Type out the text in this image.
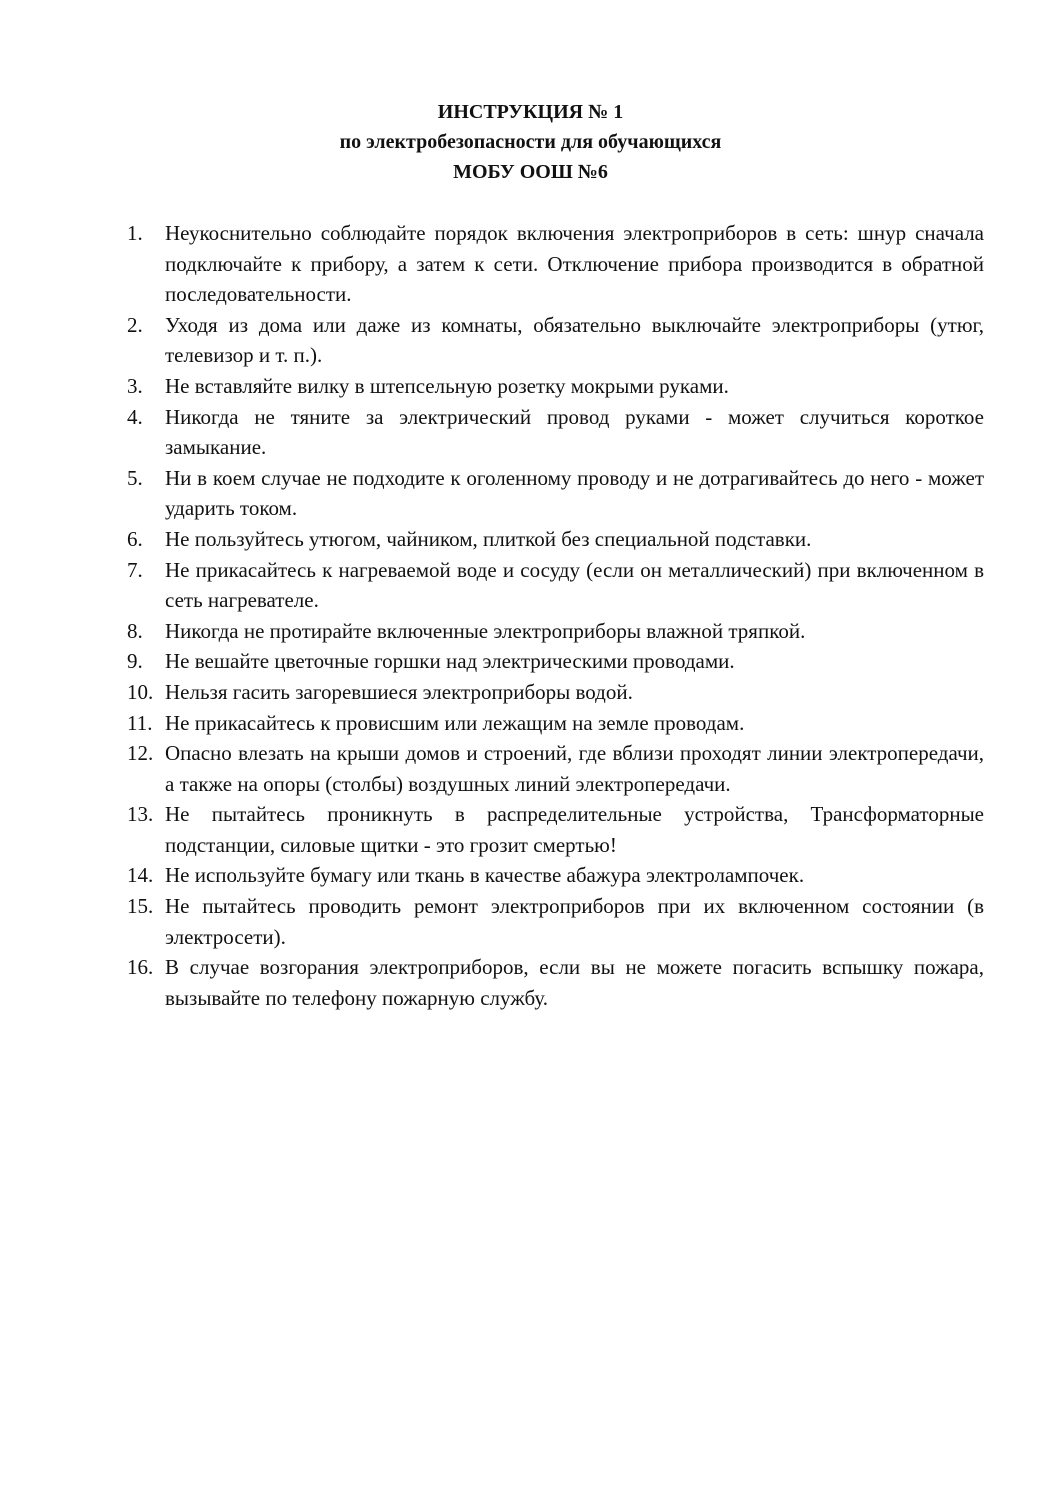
ИНСТРУКЦИЯ № 1
по электробезопасности для обучающихся
МОБУ ООШ №6
1.	Неукоснительно соблюдайте порядок включения электроприборов в сеть: шнур сначала подключайте к прибору, а затем к сети. Отключение прибора производится в обратной последовательности.
2.	Уходя из дома или даже из комнаты, обязательно выключайте электроприборы (утюг, телевизор и т. п.).
3.	Не вставляйте вилку в штепсельную розетку мокрыми руками.
4.	Никогда не тяните за электрический провод руками - может случиться короткое замыкание.
5.	Ни в коем случае не подходите к оголенному проводу и не дотрагивайтесь до него - может ударить током.
6.	Не пользуйтесь утюгом, чайником, плиткой без специальной подставки.
7.	Не прикасайтесь к нагреваемой воде и сосуду (если он металлический) при включенном в сеть нагревателе.
8.	Никогда не протирайте включенные электроприборы влажной тряпкой.
9.	Не вешайте цветочные горшки над электрическими проводами.
10. Нельзя гасить загоревшиеся электроприборы водой.
11. Не прикасайтесь к провисшим или лежащим на земле проводам.
12. Опасно влезать на крыши домов и строений, где вблизи проходят линии электропередачи, а также на опоры (столбы) воздушных линий электропередачи.
13. Не пытайтесь проникнуть в распределительные устройства, Трансформаторные подстанции, силовые щитки - это грозит смертью!
14. Не используйте бумагу или ткань в качестве абажура электролампочек.
15. Не пытайтесь проводить ремонт электроприборов при их включенном состоянии (в электросети).
16. В случае возгорания электроприборов, если вы не можете погасить вспышку пожара, вызывайте по телефону пожарную службу.
